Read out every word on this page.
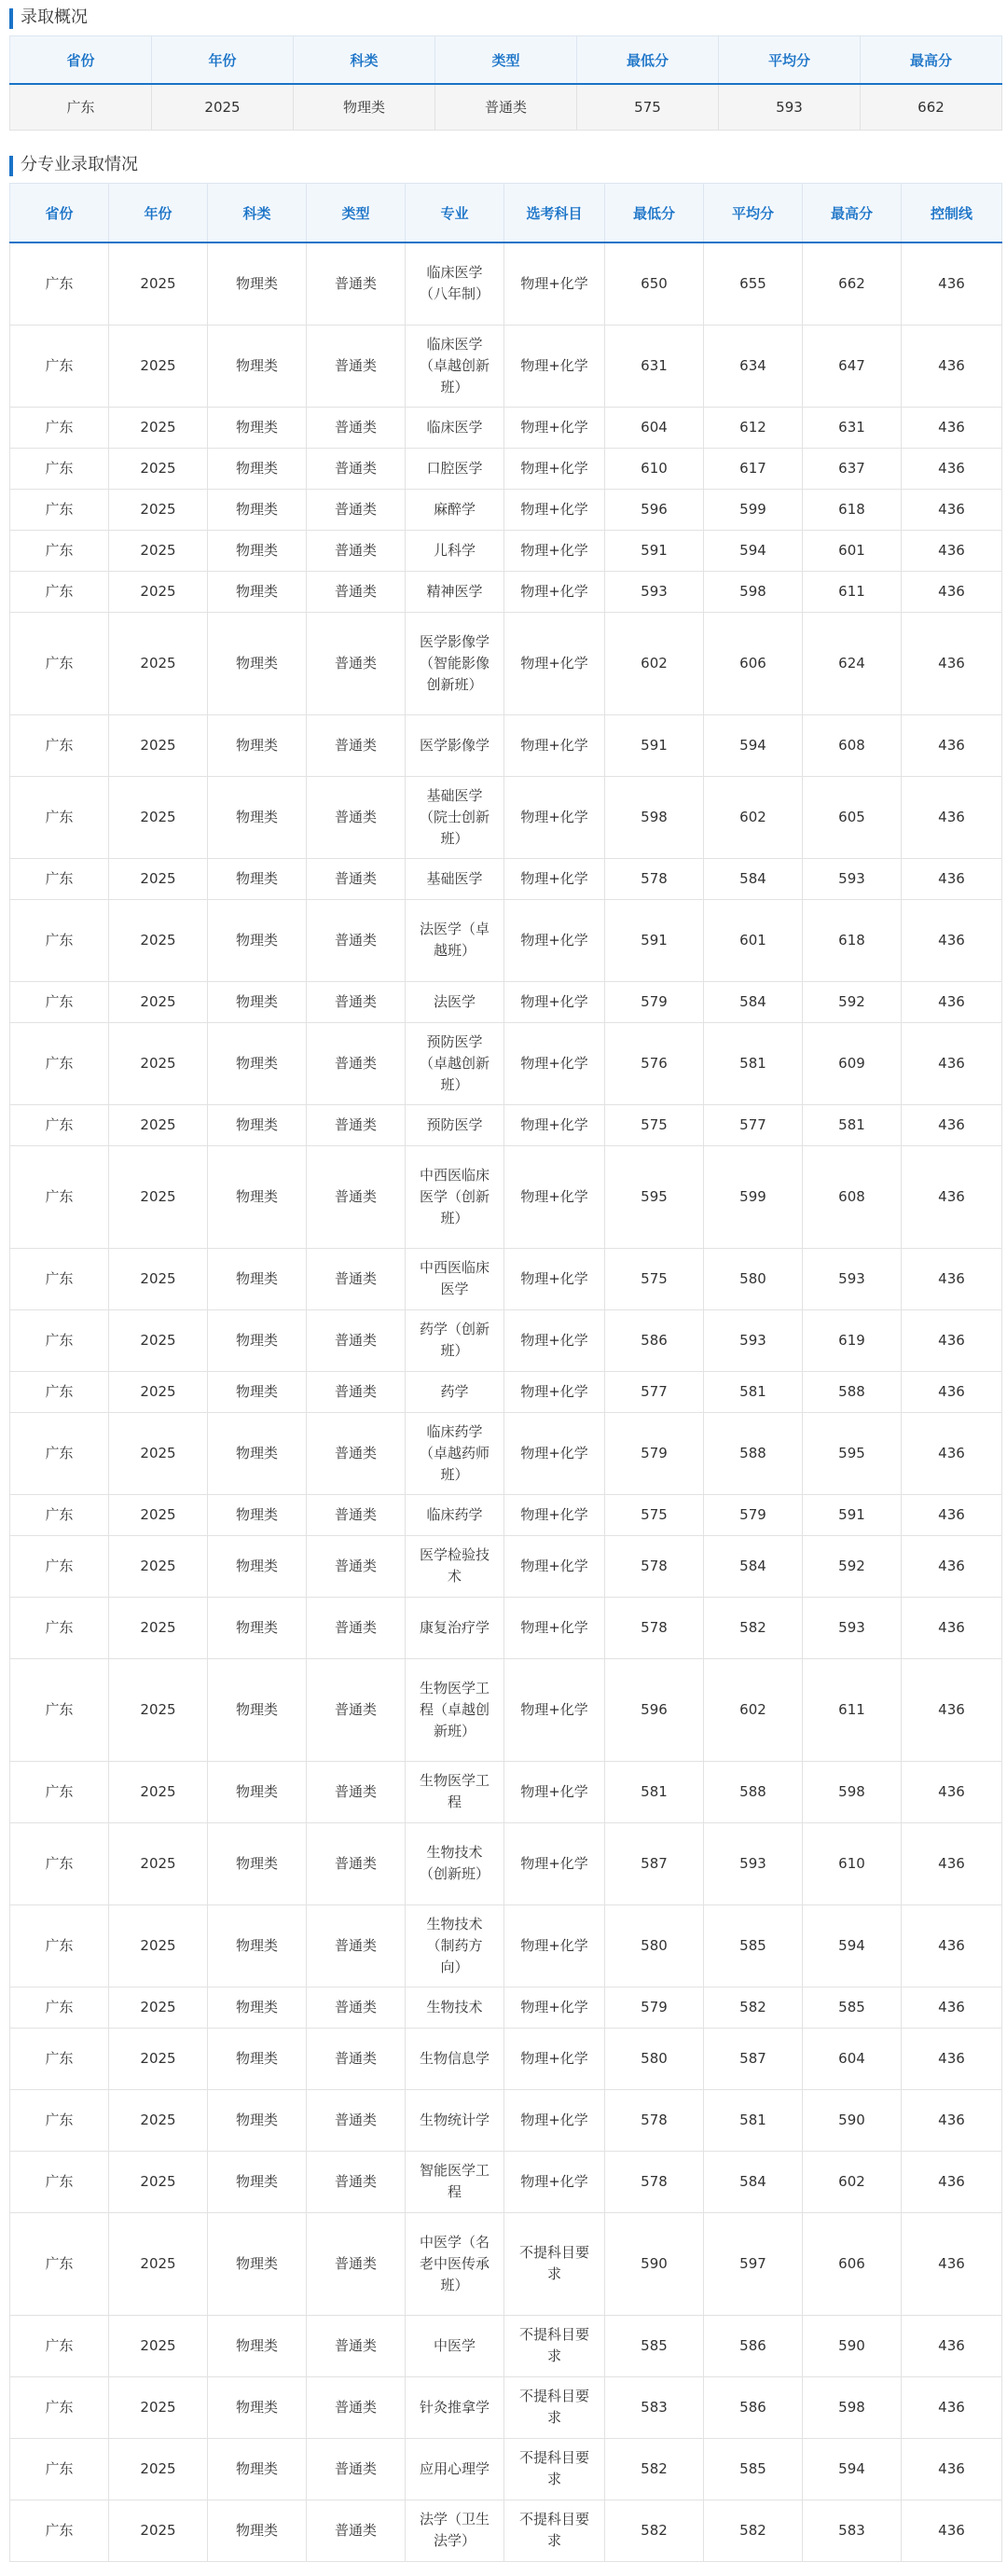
录取概况
省份	年份	科类	类型	最低分	平均分	最高分
广东	2025	物理类	普通类	575	593	662
分专业录取情况
省份	年份	科类	类型	专业	选考科目	最低分	平均分	最高分	控制线
广东	2025	物理类	普通类	临床医学（八年制）	物理+化学	650	655	662	436
广东	2025	物理类	普通类	临床医学（卓越创新班）	物理+化学	631	634	647	436
广东	2025	物理类	普通类	临床医学	物理+化学	604	612	631	436
广东	2025	物理类	普通类	口腔医学	物理+化学	610	617	637	436
广东	2025	物理类	普通类	麻醉学	物理+化学	596	599	618	436
广东	2025	物理类	普通类	儿科学	物理+化学	591	594	601	436
广东	2025	物理类	普通类	精神医学	物理+化学	593	598	611	436
广东	2025	物理类	普通类	医学影像学（智能影像创新班）	物理+化学	602	606	624	436
广东	2025	物理类	普通类	医学影像学	物理+化学	591	594	608	436
广东	2025	物理类	普通类	基础医学（院士创新班）	物理+化学	598	602	605	436
广东	2025	物理类	普通类	基础医学	物理+化学	578	584	593	436
广东	2025	物理类	普通类	法医学（卓越班）	物理+化学	591	601	618	436
广东	2025	物理类	普通类	法医学	物理+化学	579	584	592	436
广东	2025	物理类	普通类	预防医学（卓越创新班）	物理+化学	576	581	609	436
广东	2025	物理类	普通类	预防医学	物理+化学	575	577	581	436
广东	2025	物理类	普通类	中西医临床医学（创新班）	物理+化学	595	599	608	436
广东	2025	物理类	普通类	中西医临床医学	物理+化学	575	580	593	436
广东	2025	物理类	普通类	药学（创新班）	物理+化学	586	593	619	436
广东	2025	物理类	普通类	药学	物理+化学	577	581	588	436
广东	2025	物理类	普通类	临床药学（卓越药师班）	物理+化学	579	588	595	436
广东	2025	物理类	普通类	临床药学	物理+化学	575	579	591	436
广东	2025	物理类	普通类	医学检验技术	物理+化学	578	584	592	436
广东	2025	物理类	普通类	康复治疗学	物理+化学	578	582	593	436
广东	2025	物理类	普通类	生物医学工程（卓越创新班）	物理+化学	596	602	611	436
广东	2025	物理类	普通类	生物医学工程	物理+化学	581	588	598	436
广东	2025	物理类	普通类	生物技术（创新班）	物理+化学	587	593	610	436
广东	2025	物理类	普通类	生物技术（制药方向）	物理+化学	580	585	594	436
广东	2025	物理类	普通类	生物技术	物理+化学	579	582	585	436
广东	2025	物理类	普通类	生物信息学	物理+化学	580	587	604	436
广东	2025	物理类	普通类	生物统计学	物理+化学	578	581	590	436
广东	2025	物理类	普通类	智能医学工程	物理+化学	578	584	602	436
广东	2025	物理类	普通类	中医学（名老中医传承班）	不提科目要求	590	597	606	436
广东	2025	物理类	普通类	中医学	不提科目要求	585	586	590	436
广东	2025	物理类	普通类	针灸推拿学	不提科目要求	583	586	598	436
广东	2025	物理类	普通类	应用心理学	不提科目要求	582	585	594	436
广东	2025	物理类	普通类	法学（卫生法学）	不提科目要求	582	582	583	436
